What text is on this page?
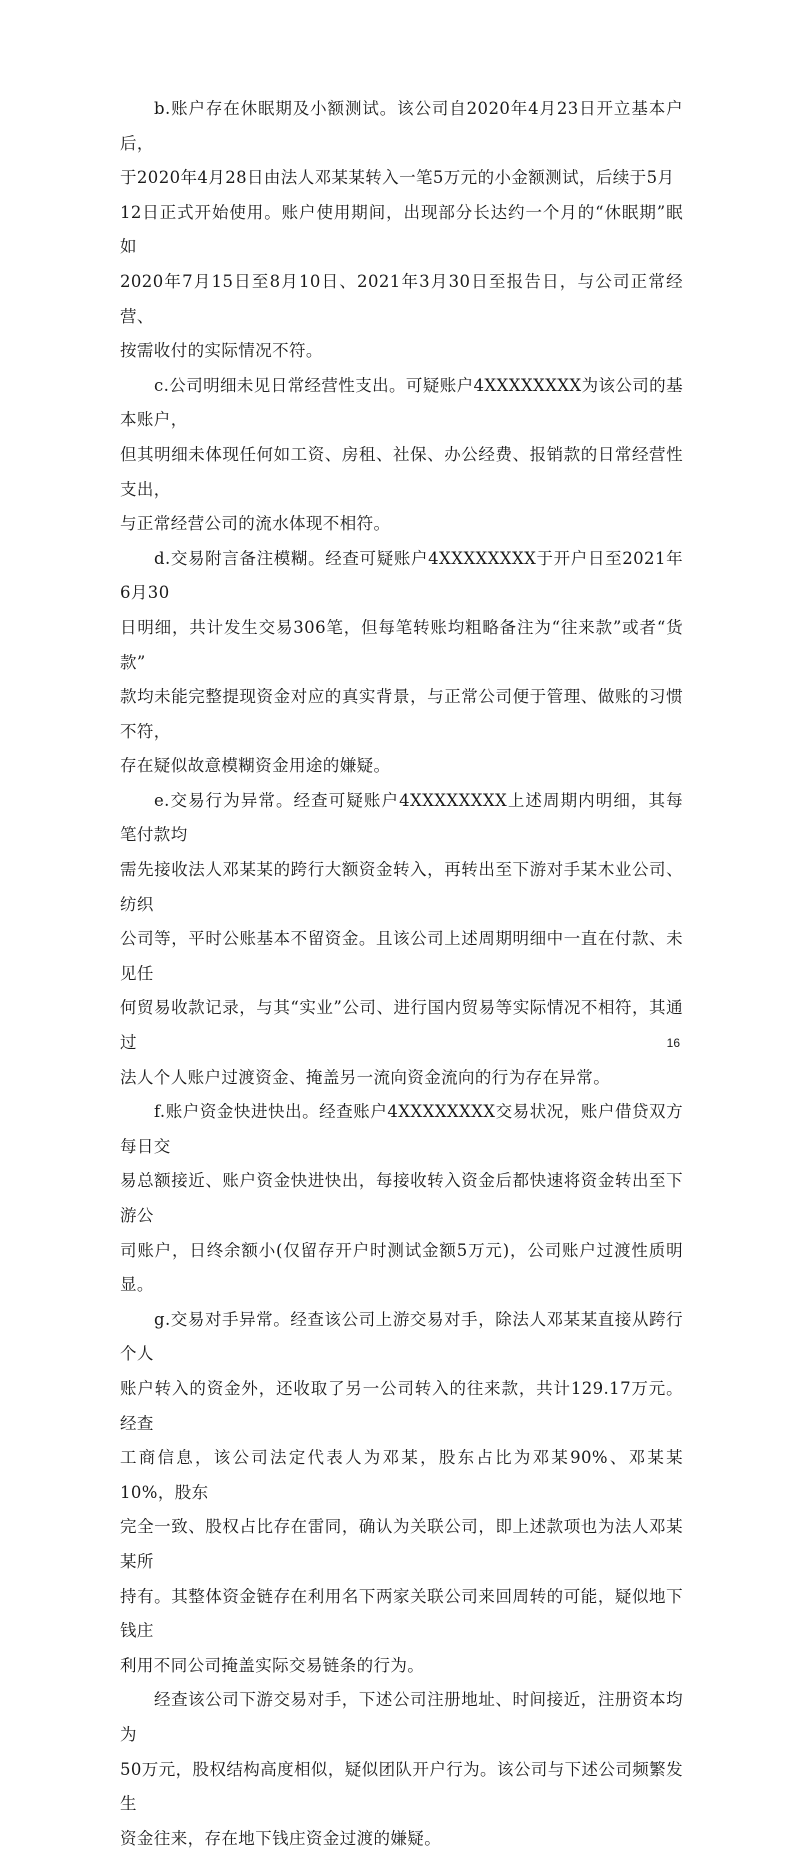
b.账户存在休眠期及小额测试。该公司自2020年4月23日开立基本户后，
于2020年4月28日由法人邓某某转入一笔5万元的小金额测试，后续于5月
12日正式开始使用。账户使用期间，出现部分长达约一个月的“休眠期”眠如
2020年7月15日至8月10日、2021年3月30日至报告日，与公司正常经营、
按需收付的实际情况不符。

c.公司明细未见日常经营性支出。可疑账户4XXXXXXXX为该公司的基本账户，
但其明细未体现任何如工资、房租、社保、办公经费、报销款的日常经营性支出，
与正常经营公司的流水体现不相符。

d.交易附言备注模糊。经查可疑账户4XXXXXXXX于开户日至2021年6月30
日明细，共计发生交易306笔，但每笔转账均粗略备注为“往来款”或者“货款”
款均未能完整提现资金对应的真实背景，与正常公司便于管理、做账的习惯不符，
存在疑似故意模糊资金用途的嫌疑。

e.交易行为异常。经查可疑账户4XXXXXXXX上述周期内明细，其每笔付款均
需先接收法人邓某某的跨行大额资金转入，再转出至下游对手某木业公司、纺织
公司等，平时公账基本不留资金。且该公司上述周期明细中一直在付款、未见任
何贸易收款记录，与其“实业”公司、进行国内贸易等实际情况不相符，其通过
法人个人账户过渡资金、掩盖另一流向资金流向的行为存在异常。

f.账户资金快进快出。经查账户4XXXXXXXX交易状况，账户借贷双方每日交
易总额接近、账户资金快进快出，每接收转入资金后都快速将资金转出至下游公
司账户，日终余额小(仅留存开户时测试金额5万元)，公司账户过渡性质明显。

g.交易对手异常。经查该公司上游交易对手，除法人邓某某直接从跨行个人
账户转入的资金外，还收取了另一公司转入的往来款，共计129.17万元。经查
工商信息，该公司法定代表人为邓某，股东占比为邓某90%、邓某某10%，股东
完全一致、股权占比存在雷同，确认为关联公司，即上述款项也为法人邓某某所
持有。其整体资金链存在利用名下两家关联公司来回周转的可能，疑似地下钱庄
利用不同公司掩盖实际交易链条的行为。

经查该公司下游交易对手，下述公司注册地址、时间接近，注册资本均为
50万元，股权结构高度相似，疑似团队开户行为。该公司与下述公司频繁发生
资金往来，存在地下钱庄资金过渡的嫌疑。

16
